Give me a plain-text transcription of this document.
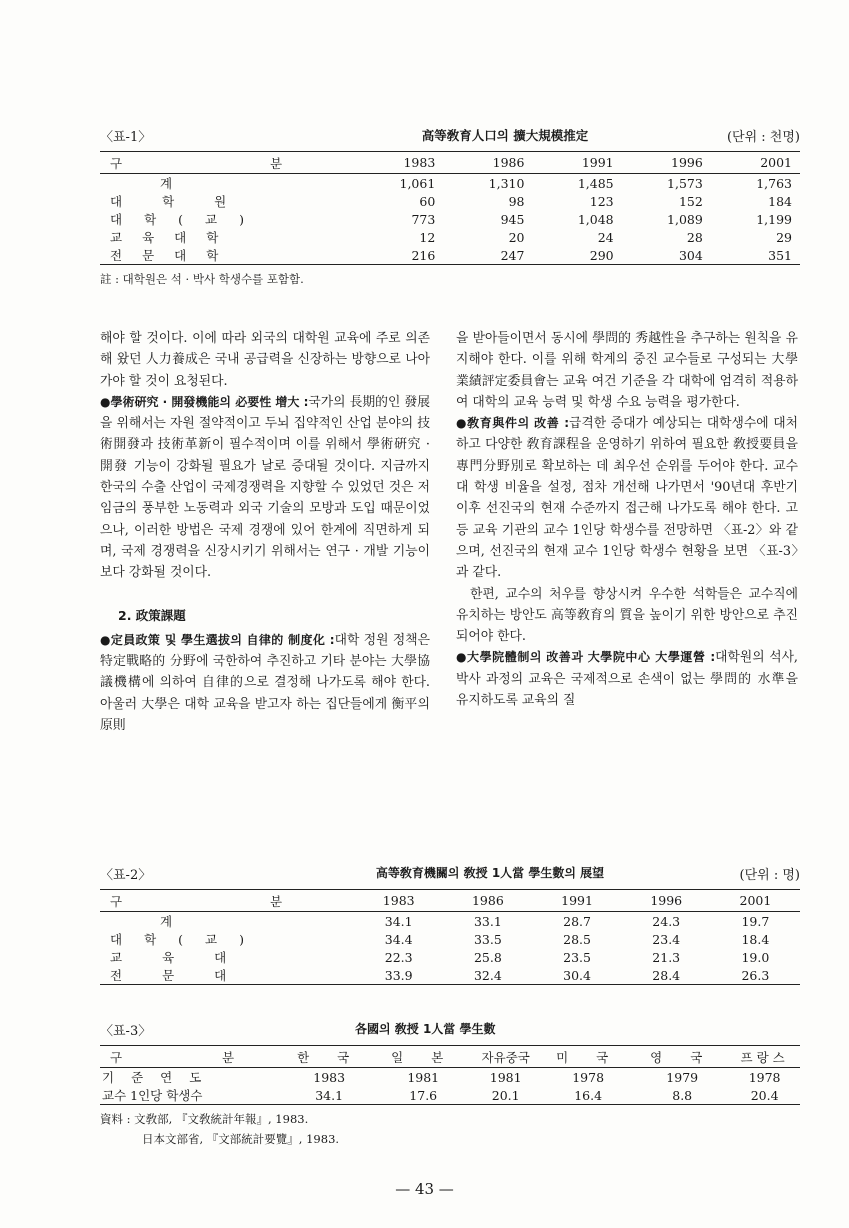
〈표-1〉	高等敎育人口의 擴大規模推定	(단위 : 천명)
구 분	1983	1986	1991	1996	2001
계	1,061	1,310	1,485	1,573	1,763
대학원	60	98	123	152	184
대학(교)	773	945	1,048	1,089	1,199
교육대학	12	20	24	28	29
전문대학	216	247	290	304	351
註 : 대학원은 석 · 박사 학생수를 포함함.

해야 할 것이다. 이에 따라 외국의 대학원 교육에 주로 의존해 왔던 人力養成은 국내 공급력을 신장하는 방향으로 나아가야 할 것이 요청된다.

●學術硏究 · 開發機能의 必要性 增大 :국가의 長期的인 發展을 위해서는 자원 절약적이고 두뇌 집약적인 산업 분야의 技術開發과 技術革新이 필수적이며 이를 위해서 學術硏究 · 開發 기능이 강화될 필요가 날로 증대될 것이다. 지금까지 한국의 수출 산업이 국제경쟁력을 지향할 수 있었던 것은 저임금의 풍부한 노동력과 외국 기술의 모방과 도입 때문이었으나, 이러한 방법은 국제 경쟁에 있어 한계에 직면하게 되며, 국제 경쟁력을 신장시키기 위해서는 연구 · 개발 기능이 보다 강화될 것이다.

2. 政策課題

●定員政策 및 學生選拔의 自律的 制度化 :대학 정원 정책은 特定戰略的 分野에 국한하여 추진하고 기타 분야는 大學協議機構에 의하여 自律的으로 결정해 나가도록 해야 한다. 아울러 大學은 대학 교육을 받고자 하는 집단들에게 衡平의 原則

을 받아들이면서 동시에 學問的 秀越性을 추구하는 원칙을 유지해야 한다. 이를 위해 학계의 중진 교수들로 구성되는 大學業績評定委員會는 교육 여건 기준을 각 대학에 엄격히 적용하여 대학의 교육 능력 및 학생 수요 능력을 평가한다.

●敎育與件의 改善 :급격한 증대가 예상되는 대학생수에 대처하고 다양한 敎育課程을 운영하기 위하여 필요한 敎授要員을 專門分野別로 확보하는 데 최우선 순위를 두어야 한다. 교수 대 학생 비율을 설정, 점차 개선해 나가면서 '90년대 후반기 이후 선진국의 현재 수준까지 접근해 나가도록 해야 한다. 고등 교육 기관의 교수 1인당 학생수를 전망하면 〈표-2〉와 같으며, 선진국의 현재 교수 1인당 학생수 현황을 보면 〈표-3〉과 같다.

한편, 교수의 처우를 향상시켜 우수한 석학들은 교수직에 유치하는 방안도 高等敎育의 質을 높이기 위한 방안으로 추진되어야 한다.

●大學院體制의 改善과 大學院中心 大學運營 :대학원의 석사, 박사 과정의 교육은 국제적으로 손색이 없는 學問的 水準을 유지하도록 교육의 질

〈표-2〉	高等敎育機關의 敎授 1人當 學生數의 展望	(단위 : 명)
구 분	1983	1986	1991	1996	2001
계	34.1	33.1	28.7	24.3	19.7
대학(교)	34.4	33.5	28.5	23.4	18.4
교육대	22.3	25.8	23.5	21.3	19.0
전문대	33.9	32.4	30.4	28.4	26.3
〈표-3〉	各國의 敎授 1人當 學生數
구 분	한 국	일 본	자유중국	미 국	영 국	프랑스
기준연도	1983	1981	1981	1978	1979	1978
교수 1인당 학생수	34.1	17.6	20.1	16.4	8.8	20.4
資料 : 文敎部, 『文敎統計年報』, 1983.
日本文部省, 『文部統計要覽』, 1983.
— 43 —
